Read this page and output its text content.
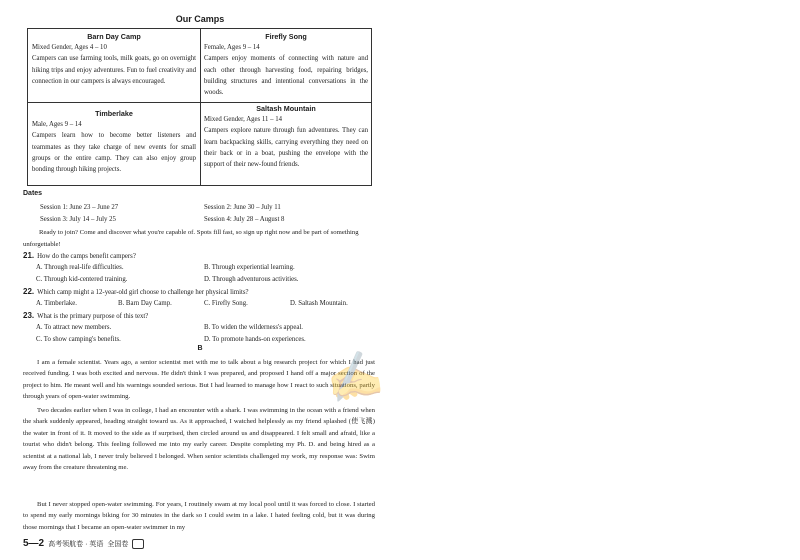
Our Camps
Barn Day Camp
Mixed Gender, Ages 4 – 10
Campers can use farming tools, milk goats, go on overnight hiking trips and enjoy adventures. Fun to fuel creativity and connection in our campers is always encouraged.
Firefly Song
Female, Ages 9 – 14
Campers enjoy moments of connecting with nature and each other through harvesting food, repairing bridges, building structures and intentional conversations in the woods.
Timberlake
Male, Ages 9 – 14
Campers learn how to become better listeners and teammates as they take charge of new events for small groups or the entire camp. They can also enjoy group bonding through hiking projects.
Saltash Mountain
Mixed Gender, Ages 11 – 14
Campers explore nature through fun adventures. They can learn backpacking skills, carrying everything they need on their back or in a boat, pushing the envelope with the support of their new-found friends.
Dates
Session 1: June 23 – June 27	Session 2: June 30 – July 11
Session 3: July 14 – July 25	Session 4: July 28 – August 8
Ready to join? Come and discover what you're capable of. Spots fill fast, so sign up right now and be part of something unforgettable!
21. How do the camps benefit campers?
A. Through real-life difficulties.	B. Through experiential learning.
C. Through kid-centered training.	D. Through adventurous activities.
22. Which camp might a 12-year-old girl choose to challenge her physical limits?
A. Timberlake.	B. Barn Day Camp.	C. Firefly Song.	D. Saltash Mountain.
23. What is the primary purpose of this text?
A. To attract new members.	B. To widen the wilderness's appeal.
C. To show camping's benefits.	D. To promote hands-on experiences.
B
I am a female scientist. Years ago, a senior scientist met with me to talk about a big research project for which I had just received funding. I was both excited and nervous. He didn't think I was prepared, and proposed I hand off a major section of the project to him. He meant well and his warnings sounded serious. But I had learned to manage how I react to such situations, partly through years of open-water swimming.
Two decades earlier when I was in college, I had an encounter with a shark. I was swimming in the ocean with a friend when the shark suddenly appeared, heading straight toward us. As it approached, I watched helplessly as my friend splashed (使飞溅) the water in front of it. It moved to the side as if surprised, then circled around us and disappeared. I felt small and afraid, like a tourist who didn't belong. This feeling followed me into my early career. Despite completing my Ph. D. and being hired as a scientist at a national lab, I never truly believed I belonged. When senior scientists challenged my work, my response was: Swim away from the creature threatening me.
But I never stopped open-water swimming. For years, I routinely swam at my local pool until it was forced to close. I started to spend my early mornings biking for 30 minutes in the dark so I could swim in a lake. I hated feeling cold, but it was during those mornings that I became an open-water swimmer in my
✍
5—2 高考领航卷 · 英语 全国卷
